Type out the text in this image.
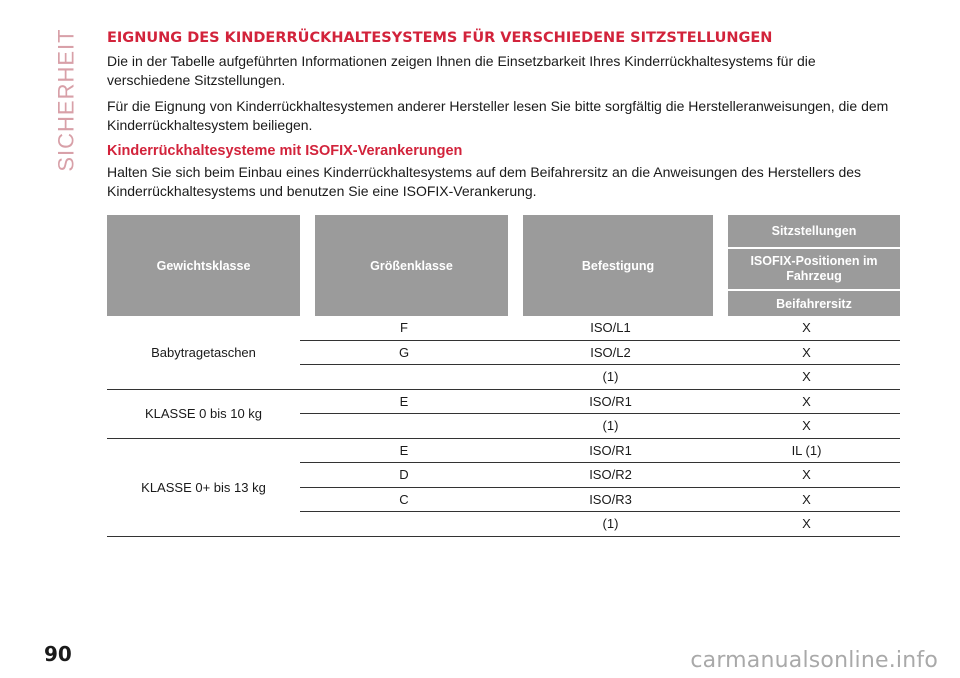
SICHERHEIT EIGNUNG DES KINDERRÜCKHALTESYSTEMS FÜR VERSCHIEDENE SITZSTELLUNGEN

Die in der Tabelle aufgeführten Informationen zeigen Ihnen die Einsetzbarkeit Ihres Kinderrückhaltesystems für die verschiedene Sitzstellungen.

Für die Eignung von Kinderrückhaltesystemen anderer Hersteller lesen Sie bitte sorgfältig die Herstelleranweisungen, die dem Kinderrückhaltesystem beiliegen.

Kinderrückhaltesysteme mit ISOFIX-Verankerungen

Halten Sie sich beim Einbau eines Kinderrückhaltesystems auf dem Beifahrersitz an die Anweisungen des Herstellers des Kinderrückhaltesystems und benutzen Sie eine ISOFIX-Verankerung.

Gewichtsklasse		Größenklasse		Befestigung		Sitzstellungen
						ISOFIX-Positionen im Fahrzeug
						Beifahrersitz
Babytragetaschen	F		ISO/L1		X	
	G		ISO/L2		X	
			(1)		X	
KLASSE 0 bis 10 kg	E		ISO/R1		X	
			(1)		X	
KLASSE 0+ bis 13 kg	E		ISO/R1		IL (1)	
	D		ISO/R2		X	
	C		ISO/R3		X	
			(1)		X	
90	carmanualsonline.info
